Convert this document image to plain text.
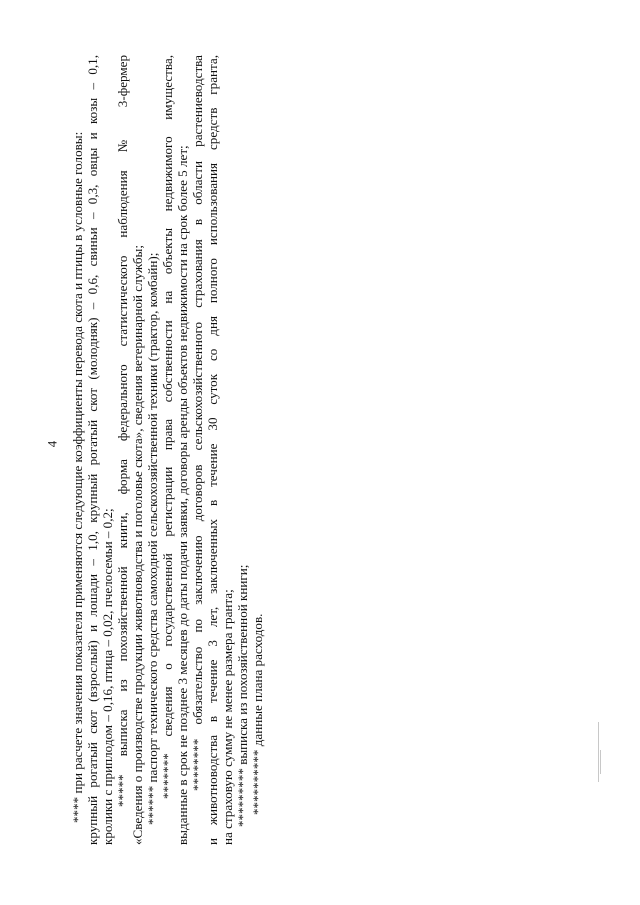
4 **** при расчете значения показателя применяются следующие коэффициенты перевода скота и птицы в условные головы: крупный рогатый скот (взрослый) и лошади – 1,0, крупный рогатый скот (молодняк) – 0,6, свиньи – 0,3, овцы и козы – 0,1, кролики с приплодом – 0,16, птица – 0,02, пчелосемьи – 0,2; ***** выписка из похозяйственной книги, форма федерального статистического наблюдения № 3-фермер «Сведения о производстве продукции животноводства и поголовье скота», сведения ветеринарной службы; ****** паспорт технического средства самоходной сельскохозяйственной техники (трактор, комбайн); ******* сведения о государственной регистрации права собственности на объекты недвижимого имущества, выданные в срок не позднее 3 месяцев до даты подачи заявки, договоры аренды объектов недвижимости на срок более 5 лет; ******** обязательство по заключению договоров сельскохозяйственного страхования в области растениеводства и животноводства в течение 3 лет, заключенных в течение 30 суток со дня полного использования средств гранта, на страховую сумму не менее размера гранта; ********* выписка из похозяйственной книги; ********** данные плана расходов.
